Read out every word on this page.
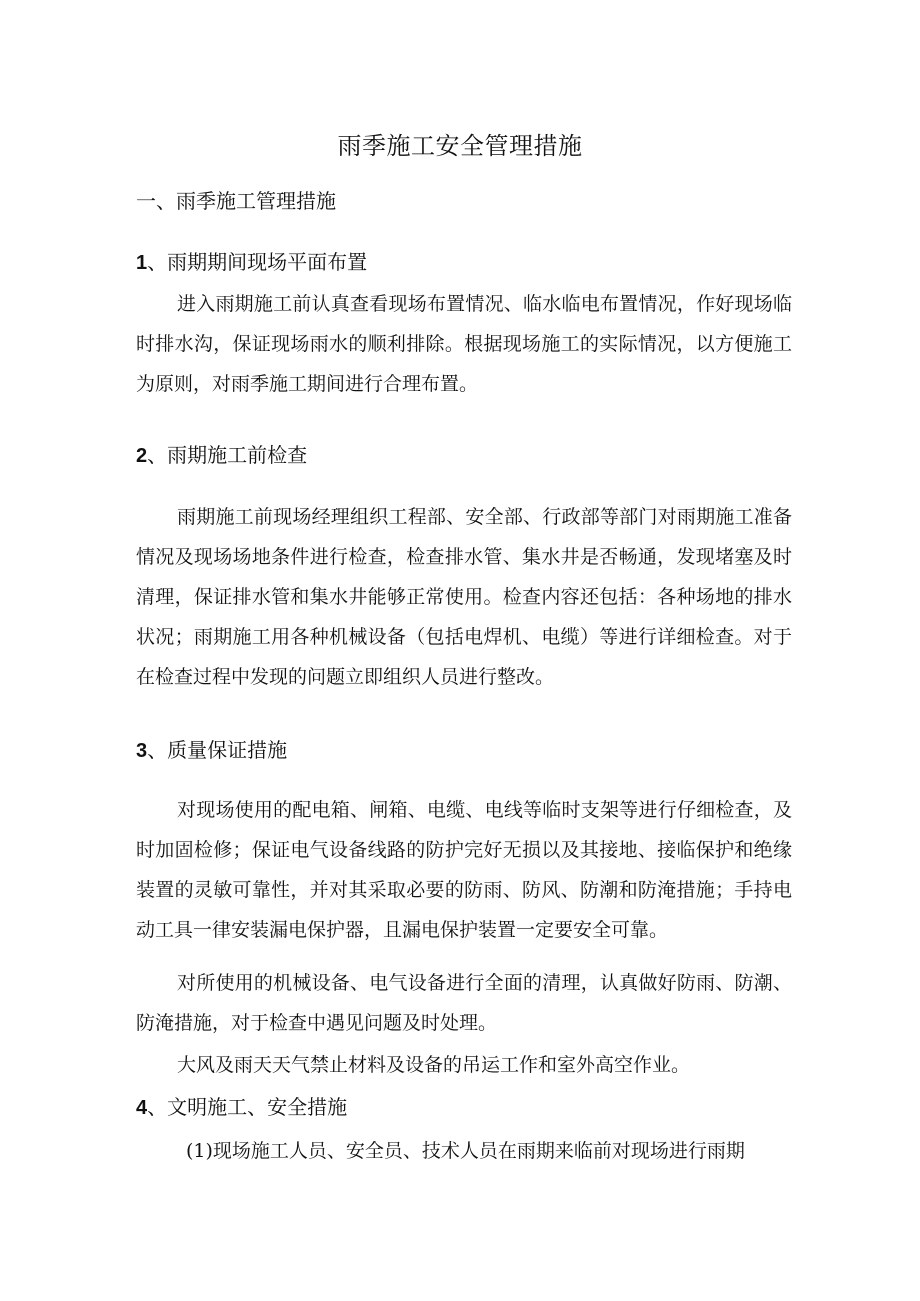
雨季施工安全管理措施
一、雨季施工管理措施
1、雨期期间现场平面布置

进入雨期施工前认真查看现场布置情况、临水临电布置情况，作好现场临时排水沟，保证现场雨水的顺利排除。根据现场施工的实际情况，以方便施工为原则，对雨季施工期间进行合理布置。

2、雨期施工前检查

雨期施工前现场经理组织工程部、安全部、行政部等部门对雨期施工准备情况及现场场地条件进行检查，检查排水管、集水井是否畅通，发现堵塞及时清理，保证排水管和集水井能够正常使用。检查内容还包括：各种场地的排水状况；雨期施工用各种机械设备（包括电焊机、电缆）等进行详细检查。对于在检查过程中发现的问题立即组织人员进行整改。

3、质量保证措施

对现场使用的配电箱、闸箱、电缆、电线等临时支架等进行仔细检查，及时加固检修；保证电气设备线路的防护完好无损以及其接地、接临保护和绝缘装置的灵敏可靠性，并对其采取必要的防雨、防风、防潮和防淹措施；手持电动工具一律安装漏电保护器，且漏电保护装置一定要安全可靠。

对所使用的机械设备、电气设备进行全面的清理，认真做好防雨、防潮、防淹措施，对于检查中遇见问题及时处理。

大风及雨天天气禁止材料及设备的吊运工作和室外高空作业。

4、文明施工、安全措施

(1)现场施工人员、安全员、技术人员在雨期来临前对现场进行雨期
